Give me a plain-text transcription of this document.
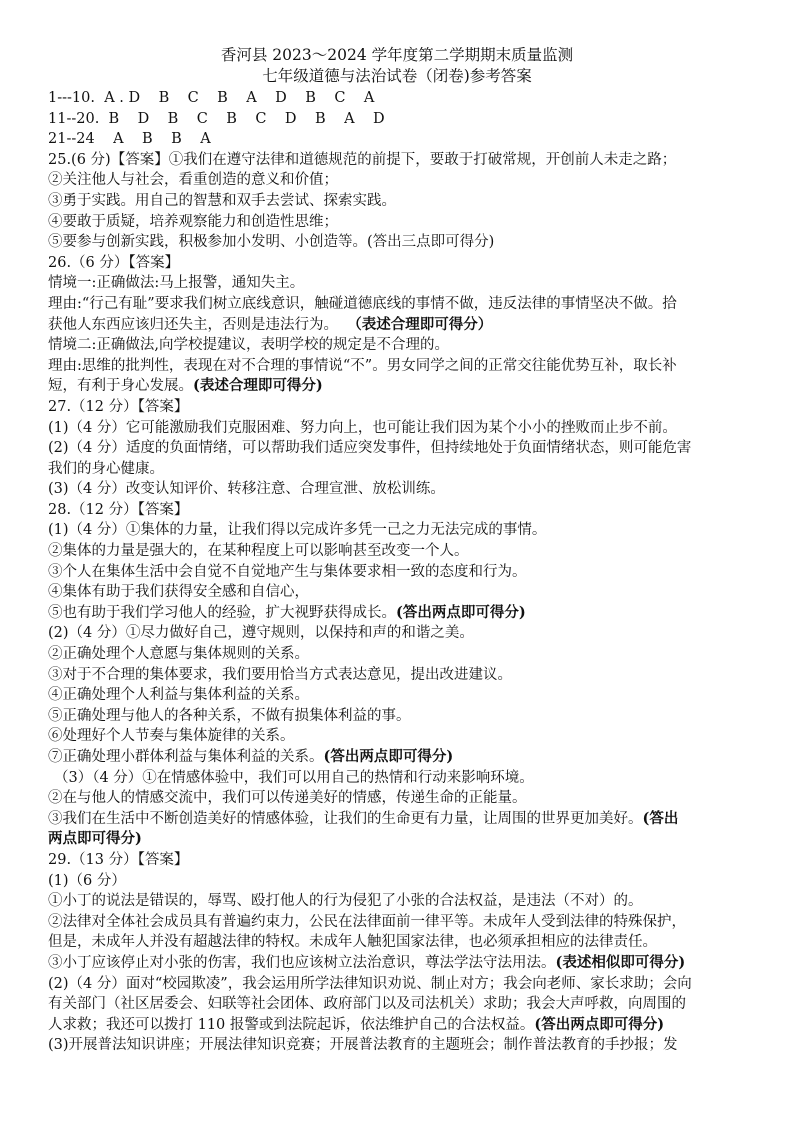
香河县 2023～2024 学年度第二学期期末质量监测
七年级道德与法治试卷（闭卷)参考答案
1---10.  A . D    B    C    B    A    D    B    C    A
11--20.  B    D    B    C    B    C    D    B    A    D
21--24    A    B    B    A
25.(6 分)【答案】①我们在遵守法律和道德规范的前提下，要敢于打破常规，开创前人未走之路；
②关注他人与社会，看重创造的意义和价值；
③勇于实践。用自己的智慧和双手去尝试、探索实践。
④要敢于质疑，培养观察能力和创造性思维；
⑤要参与创新实践，积极参加小发明、小创造等。(答出三点即可得分)
26.（6 分）【答案】
情境一:正确做法:马上报警，通知失主。
理由:“行己有耻”要求我们树立底线意识，触碰道德底线的事情不做，违反法律的事情坚决不做。拾
获他人东西应该归还失主，否则是违法行为。  （表述合理即可得分）
情境二:正确做法,向学校提建议，表明学校的规定是不合理的。
理由:思维的批判性，表现在对不合理的事情说“不”。男女同学之间的正常交往能优势互补，取长补
短，有利于身心发展。(表述合理即可得分)
27.（12 分）【答案】
(1)（4 分）它可能激励我们克服困难、努力向上，也可能让我们因为某个小小的挫败而止步不前。
(2)（4 分）适度的负面情绪，可以帮助我们适应突发事件，但持续地处于负面情绪状态，则可能危害
我们的身心健康。
(3)（4 分）改变认知评价、转移注意、合理宣泄、放松训练。
28.（12 分）【答案】
(1)（4 分）①集体的力量，让我们得以完成许多凭一己之力无法完成的事情。
②集体的力量是强大的，在某种程度上可以影响甚至改变一个人。
③个人在集体生活中会自觉不自觉地产生与集体要求相一致的态度和行为。
④集体有助于我们获得安全感和自信心，
⑤也有助于我们学习他人的经验，扩大视野获得成长。(答出两点即可得分)
(2)（4 分）①尽力做好自己，遵守规则，以保持和声的和谐之美。
②正确处理个人意愿与集体规则的关系。
③对于不合理的集体要求，我们要用恰当方式表达意见，提出改进建议。
④正确处理个人利益与集体利益的关系。
⑤正确处理与他人的各种关系，不做有损集体利益的事。
⑥处理好个人节奏与集体旋律的关系。
⑦正确处理小群体利益与集体利益的关系。(答出两点即可得分)
（3）（4 分）①在情感体验中，我们可以用自己的热情和行动来影响环境。
②在与他人的情感交流中，我们可以传递美好的情感，传递生命的正能量。
③我们在生活中不断创造美好的情感体验，让我们的生命更有力量，让周围的世界更加美好。(答出
两点即可得分)
29.（13 分）【答案】
(1)（6 分）
①小丁的说法是错误的，辱骂、殴打他人的行为侵犯了小张的合法权益，是违法（不对）的。
②法律对全体社会成员具有普遍约束力，公民在法律面前一律平等。未成年人受到法律的特殊保护，
但是，未成年人并没有超越法律的特权。未成年人触犯国家法律，也必须承担相应的法律责任。
③小丁应该停止对小张的伤害，我们也应该树立法治意识，尊法学法守法用法。(表述相似即可得分)
(2)（4 分）面对“校园欺凌”，我会运用所学法律知识劝说、制止对方；我会向老师、家长求助；会向
有关部门（社区居委会、妇联等社会团体、政府部门以及司法机关）求助；我会大声呼救，向周围的
人求救；我还可以拨打 110 报警或到法院起诉，依法维护自己的合法权益。(答出两点即可得分)
(3)开展普法知识讲座；开展法律知识竞赛；开展普法教育的主题班会；制作普法教育的手抄报；发
